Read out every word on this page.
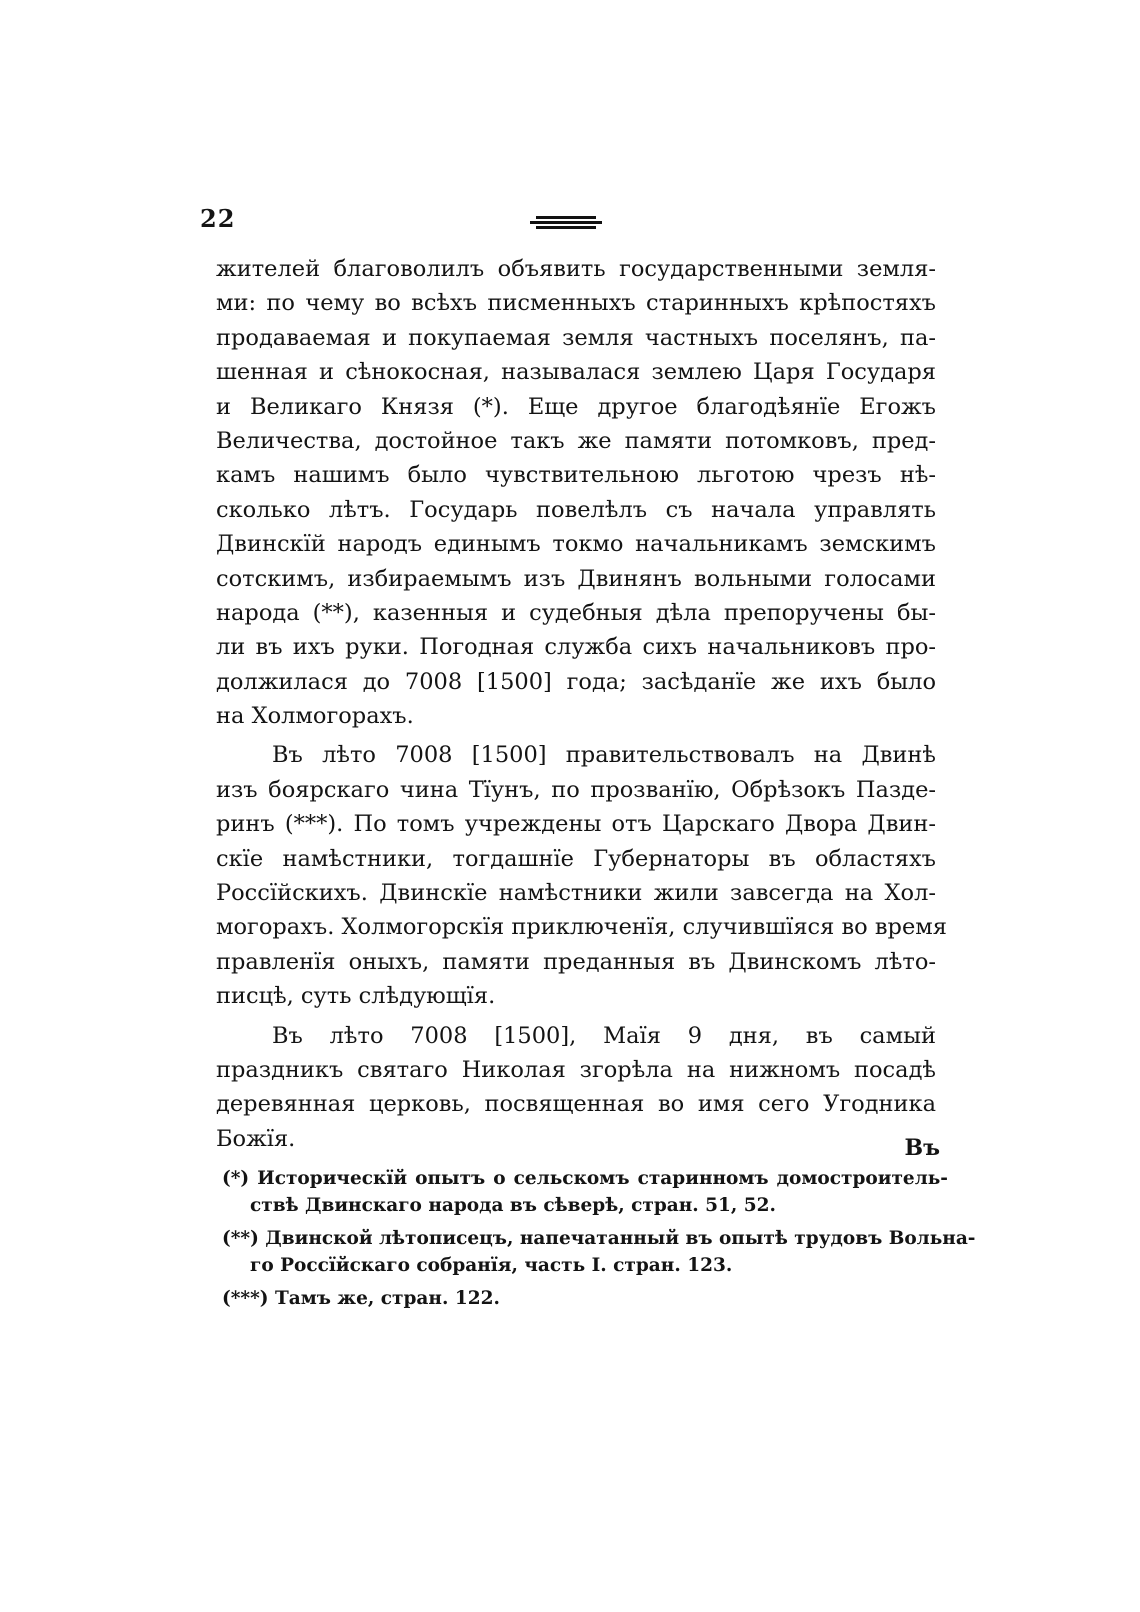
22
жителей благоволилъ объявить государственными земля-
ми: по чему во всѣхъ писменныхъ старинныхъ крѣпостяхъ
продаваемая и покупаемая земля частныхъ поселянъ, па-
шенная и сѣнокосная, называлася землею Царя Государя
и Великаго Князя (*). Еще другое благодѣянїе Егожъ
Величества, достойное такъ же памяти потомковъ, пред-
камъ нашимъ было чувствительною льготою чрезъ нѣ-
сколько лѣтъ. Государь повелѣлъ съ начала управлять
Двинскїй народъ единымъ токмо начальникамъ земскимъ
сотскимъ, избираемымъ изъ Двинянъ вольными голосами
народа (**), казенныя и судебныя дѣла препоручены бы-
ли въ ихъ руки. Погодная служба сихъ начальниковъ про-
должилася до 7008 [1500] года; засѣданїе же ихъ было
на Холмогорахъ.
Въ лѣто 7008 [1500] правительствовалъ на Двинѣ
изъ боярскаго чина Тїунъ, по прозванїю, Обрѣзокъ Пазде-
ринъ (***). По томъ учреждены отъ Царскаго Двора Двин-
скїе намѣстники, тогдашнїе Губернаторы въ областяхъ
Россїйскихъ. Двинскїе намѣстники жили завсегда на Хол-
могорахъ. Холмогорскїя приключенїя, случившїяся во время
правленїя оныхъ, памяти преданныя въ Двинскомъ лѣто-
писцѣ, суть слѣдующїя.
Въ лѣто 7008 [1500], Маїя 9 дня, въ самый
праздникъ святаго Николая згорѣла на нижномъ посадѣ
деревянная церковь, посвященная во имя сего Угодника
Божїя.	Въ
(*) Историческїй опытъ о сельскомъ старинномъ домостроитель-
ствѣ Двинскаго народа въ сѣверѣ, стран. 51, 52.
(**) Двинской лѣтописецъ, напечатанный въ опытѣ трудовъ Вольна-
го Россїйскаго собранїя, часть I. стран. 123.
(***) Тамъ же, стран. 122.
